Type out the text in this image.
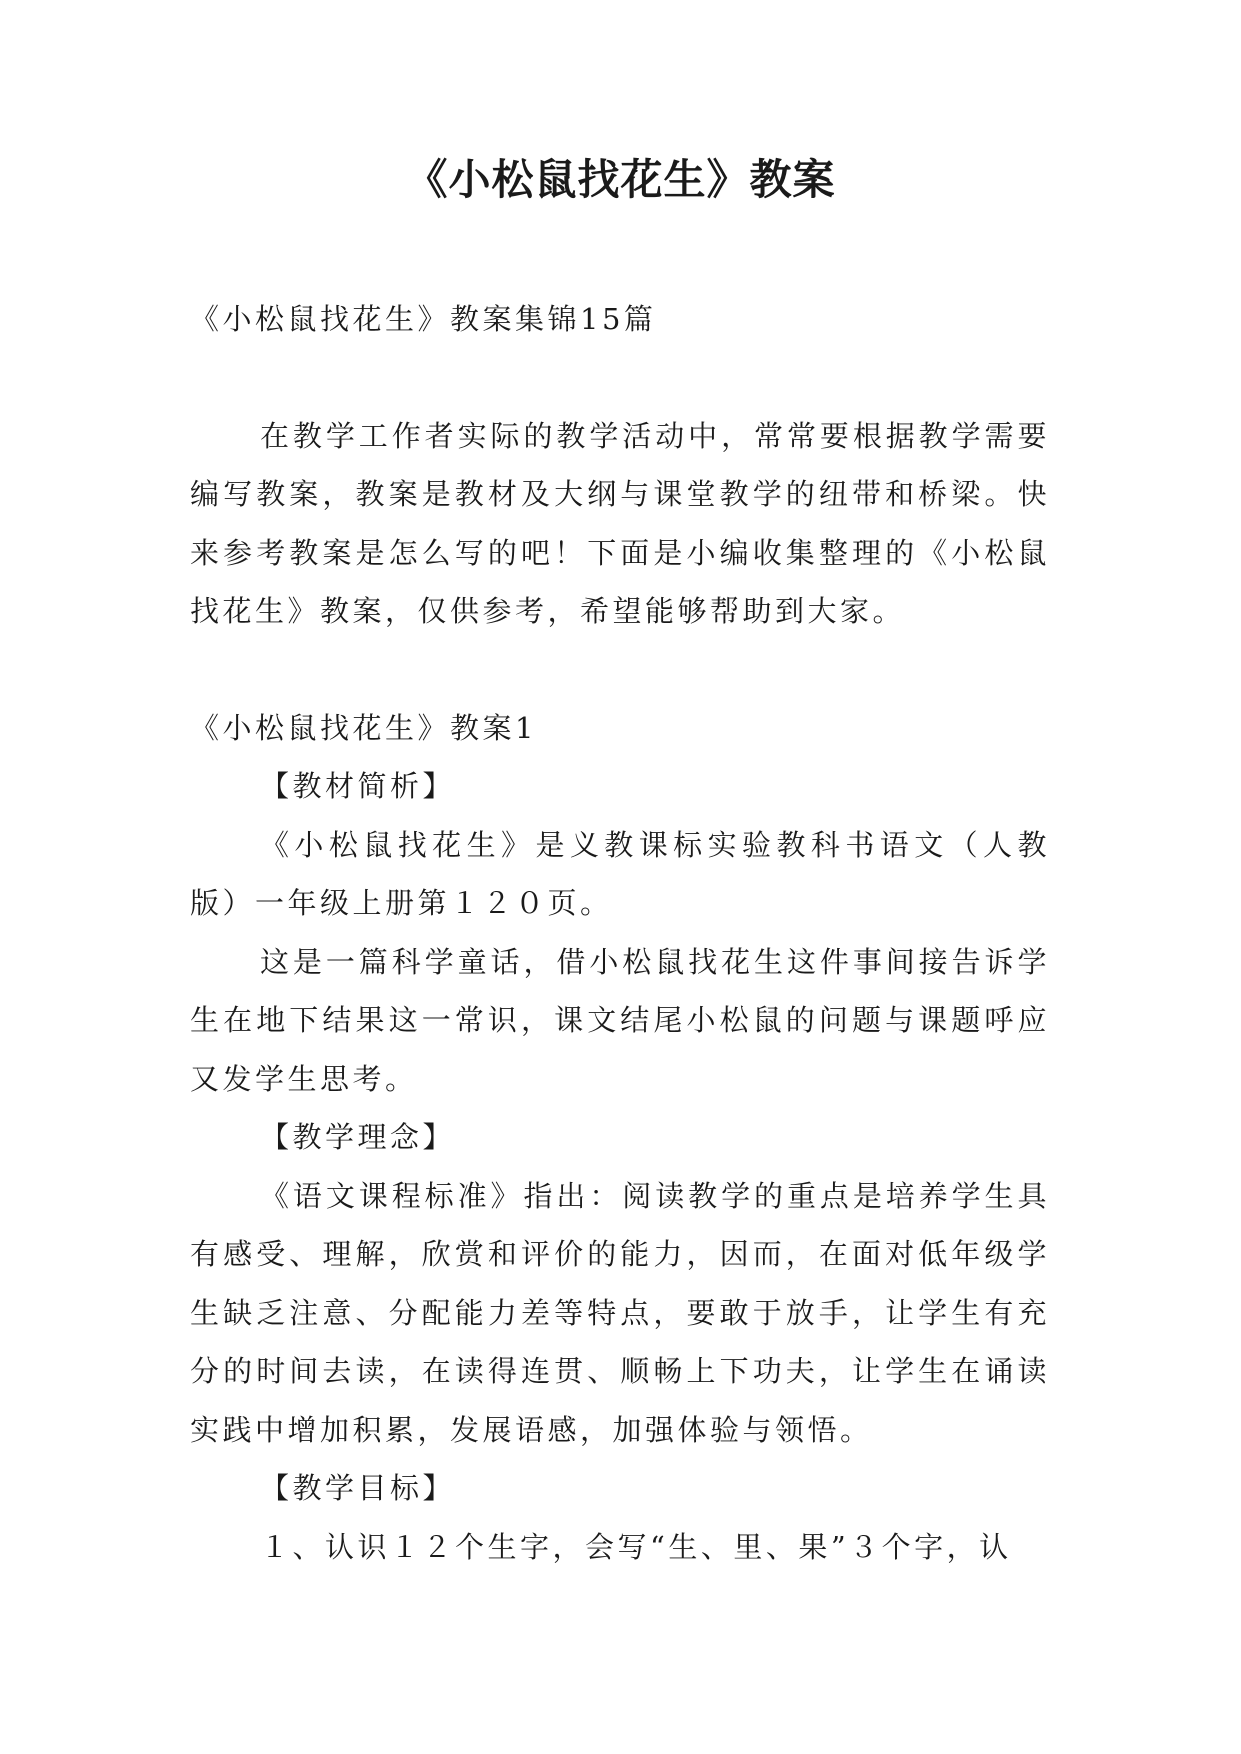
《小松鼠找花生》教案

《小松鼠找花生》教案集锦15篇

在教学工作者实际的教学活动中，常常要根据教学需要编写教案，教案是教材及大纲与课堂教学的纽带和桥梁。快来参考教案是怎么写的吧！下面是小编收集整理的《小松鼠找花生》教案，仅供参考，希望能够帮助到大家。

《小松鼠找花生》教案1

【教材简析】

《小松鼠找花生》是义教课标实验教科书语文（人教版）一年级上册第１２０页。

这是一篇科学童话，借小松鼠找花生这件事间接告诉学生在地下结果这一常识，课文结尾小松鼠的问题与课题呼应又发学生思考。

【教学理念】

《语文课程标准》指出：阅读教学的重点是培养学生具有感受、理解，欣赏和评价的能力，因而，在面对低年级学生缺乏注意、分配能力差等特点，要敢于放手，让学生有充分的时间去读，在读得连贯、顺畅上下功夫，让学生在诵读实践中增加积累，发展语感，加强体验与领悟。

【教学目标】

１、认识１２个生字，会写“生、里、果”３个字，认
